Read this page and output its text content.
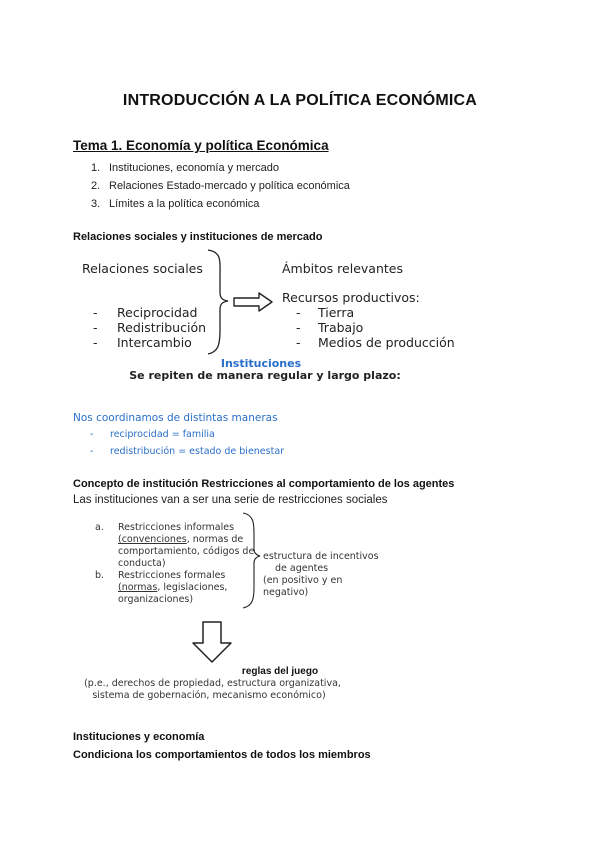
INTRODUCCIÓN A LA POLÍTICA ECONÓMICA
Tema 1. Economía y política Económica
1. Instituciones, economía y mercado
2. Relaciones Estado-mercado y política económica
3. Límites a la política económica
Relaciones sociales y instituciones de mercado
Relaciones sociales
- Reciprocidad
- Redistribución
- Intercambio
Ámbitos relevantes
Recursos productivos:
- Tierra
- Trabajo
- Medios de producción
Se repiten de manera regular y largo plazo:
Instituciones
Nos coordinamos de distintas maneras
- reciprocidad = familia
- redistribución = estado de bienestar
Concepto de institución Restricciones al comportamiento de los agentes
Las instituciones van a ser una serie de restricciones sociales
a. Restricciones informales
(convenciones, normas de
comportamiento, códigos de
conducta)
b. Restricciones formales
(normas, legislaciones,
organizaciones)
estructura de incentivos
de agentes
(en positivo y en
negativo)
reglas del juego
(p.e., derechos de propiedad, estructura organizativa,
sistema de gobernación, mecanismo económico)
Instituciones y economía
Condiciona los comportamientos de todos los miembros
